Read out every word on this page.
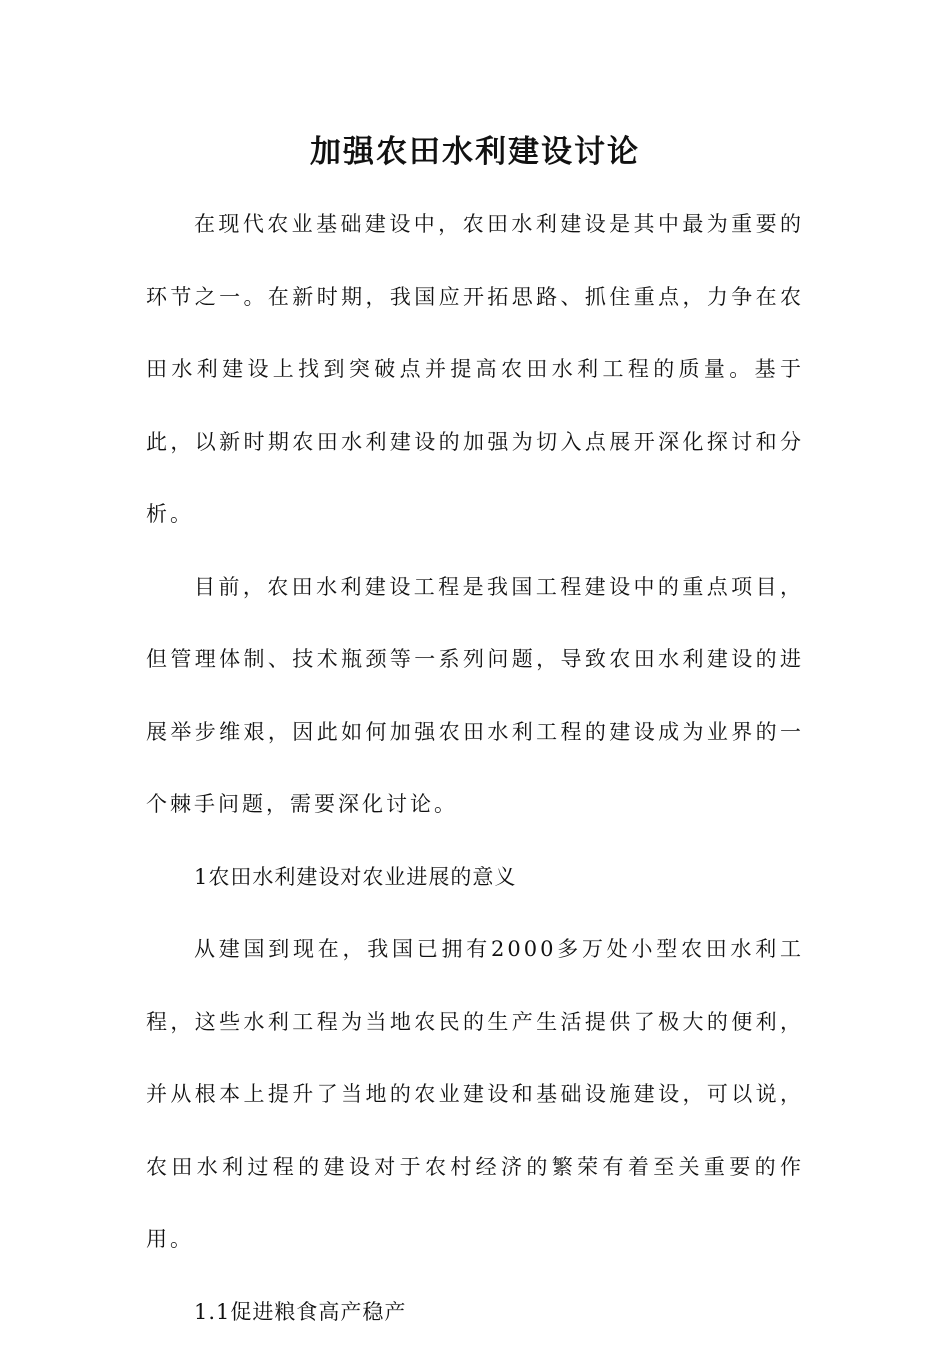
加强农田水利建设讨论

在现代农业基础建设中，农田水利建设是其中最为重要的环节之一。在新时期，我国应开拓思路、抓住重点，力争在农田水利建设上找到突破点并提高农田水利工程的质量。基于此，以新时期农田水利建设的加强为切入点展开深化探讨和分析。

目前，农田水利建设工程是我国工程建设中的重点项目，但管理体制、技术瓶颈等一系列问题，导致农田水利建设的进展举步维艰，因此如何加强农田水利工程的建设成为业界的一个棘手问题，需要深化讨论。

1农田水利建设对农业进展的意义

从建国到现在，我国已拥有2000多万处小型农田水利工程，这些水利工程为当地农民的生产生活提供了极大的便利，并从根本上提升了当地的农业建设和基础设施建设，可以说，农田水利过程的建设对于农村经济的繁荣有着至关重要的作用。

1.1促进粮食高产稳产
